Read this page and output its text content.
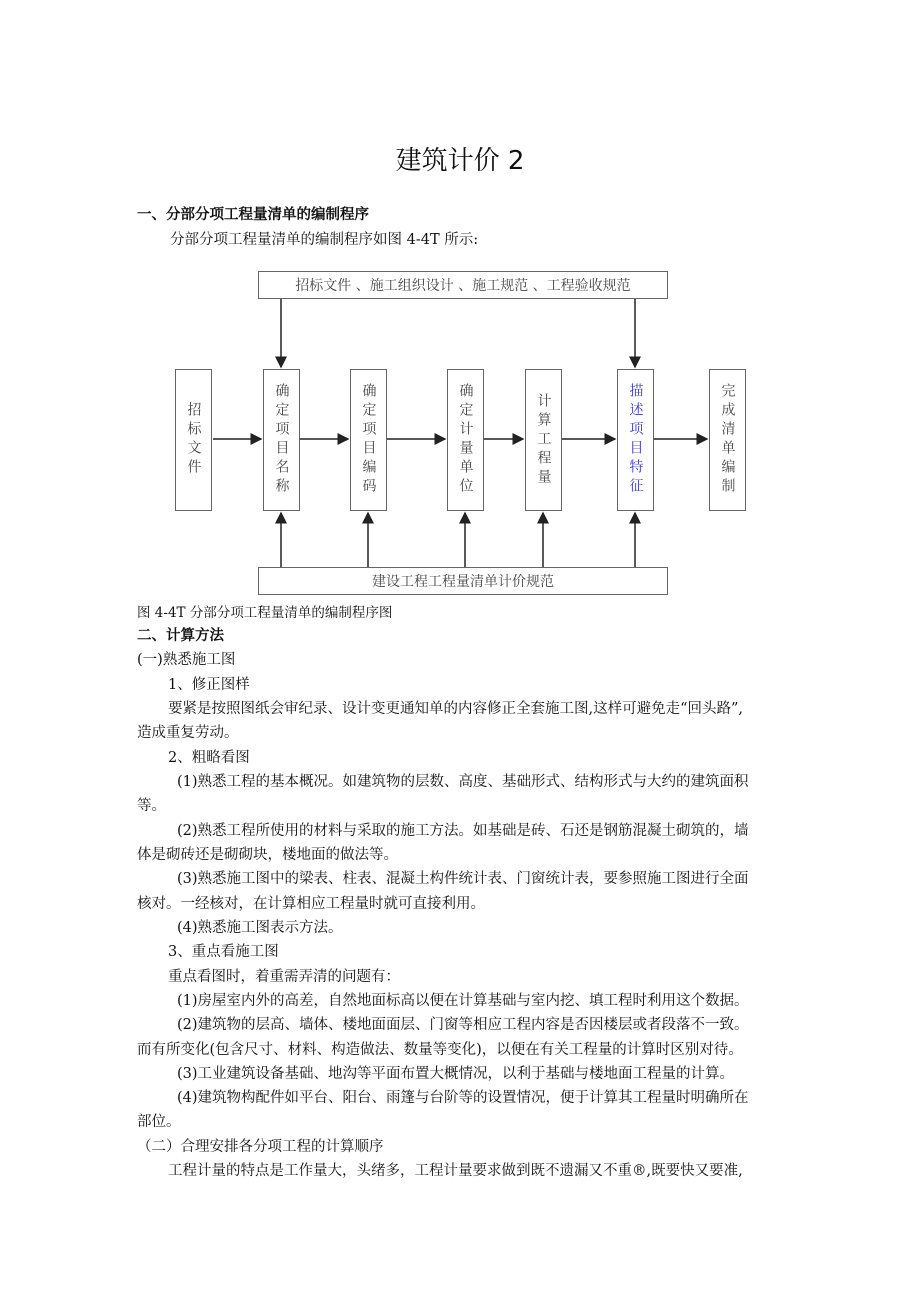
建筑计价 2
一、分部分项工程量清单的编制程序
分部分项工程量清单的编制程序如图 4-4T 所示:
招标文件 、施工组织设计 、施工规范 、工程验收规范
建设工程工程量清单计价规范
招标文件	确定项目名称	确定项目编码	确定计量单位	计算工程量	描述项目特征	完成清单编制
图 4-4T 分部分项工程量清单的编制程序图
二、计算方法
(一)熟悉施工图
1、修正图样
要紧是按照图纸会审纪录、设计变更通知单的内容修正全套施工图,这样可避免走“回头路”,
造成重复劳动。
2、粗略看图
(1)熟悉工程的基本概况。如建筑物的层数、高度、基础形式、结构形式与大约的建筑面积
等。
(2)熟悉工程所使用的材料与采取的施工方法。如基础是砖、石还是钢筋混凝土砌筑的，墙
体是砌砖还是砌砌块，楼地面的做法等。
(3)熟悉施工图中的梁表、柱表、混凝土构件统计表、门窗统计表，要参照施工图进行全面
核对。一经核对，在计算相应工程量时就可直接利用。
(4)熟悉施工图表示方法。
3、重点看施工图
重点看图时，着重需弄清的问题有：
(1)房屋室内外的高差，自然地面标高以便在计算基础与室内挖、填工程时利用这个数据。
(2)建筑物的层高、墙体、楼地面面层、门窗等相应工程内容是否因楼层或者段落不一致。
而有所变化(包含尺寸、材料、构造做法、数量等变化)，以便在有关工程量的计算时区别对待。
(3)工业建筑设备基础、地沟等平面布置大概情况，以利于基础与楼地面工程量的计算。
(4)建筑物构配件如平台、阳台、雨篷与台阶等的设置情况，便于计算其工程量时明确所在
部位。
（二）合理安排各分项工程的计算顺序
工程计量的特点是工作量大，头绪多，工程计量要求做到既不遗漏又不重®,既要快又要准,
